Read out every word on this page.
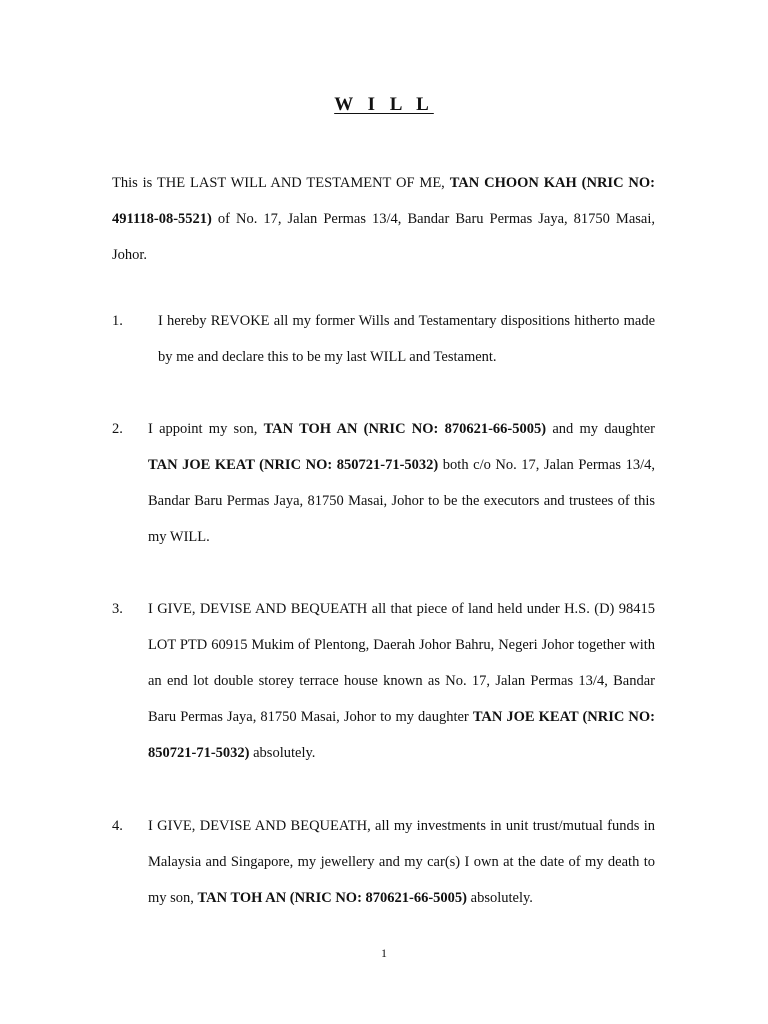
W I L L
This is THE LAST WILL AND TESTAMENT OF ME, TAN CHOON KAH (NRIC NO: 491118-08-5521) of No. 17, Jalan Permas 13/4, Bandar Baru Permas Jaya, 81750 Masai, Johor.
1. I hereby REVOKE all my former Wills and Testamentary dispositions hitherto made by me and declare this to be my last WILL and Testament.
2. I appoint my son, TAN TOH AN (NRIC NO: 870621-66-5005) and my daughter TAN JOE KEAT (NRIC NO: 850721-71-5032) both c/o No. 17, Jalan Permas 13/4, Bandar Baru Permas Jaya, 81750 Masai, Johor to be the executors and trustees of this my WILL.
3. I GIVE, DEVISE AND BEQUEATH all that piece of land held under H.S. (D) 98415 LOT PTD 60915 Mukim of Plentong, Daerah Johor Bahru, Negeri Johor together with an end lot double storey terrace house known as No. 17, Jalan Permas 13/4, Bandar Baru Permas Jaya, 81750 Masai, Johor to my daughter TAN JOE KEAT (NRIC NO: 850721-71-5032) absolutely.
4. I GIVE, DEVISE AND BEQUEATH, all my investments in unit trust/mutual funds in Malaysia and Singapore, my jewellery and my car(s) I own at the date of my death to my son, TAN TOH AN (NRIC NO: 870621-66-5005) absolutely.
1
